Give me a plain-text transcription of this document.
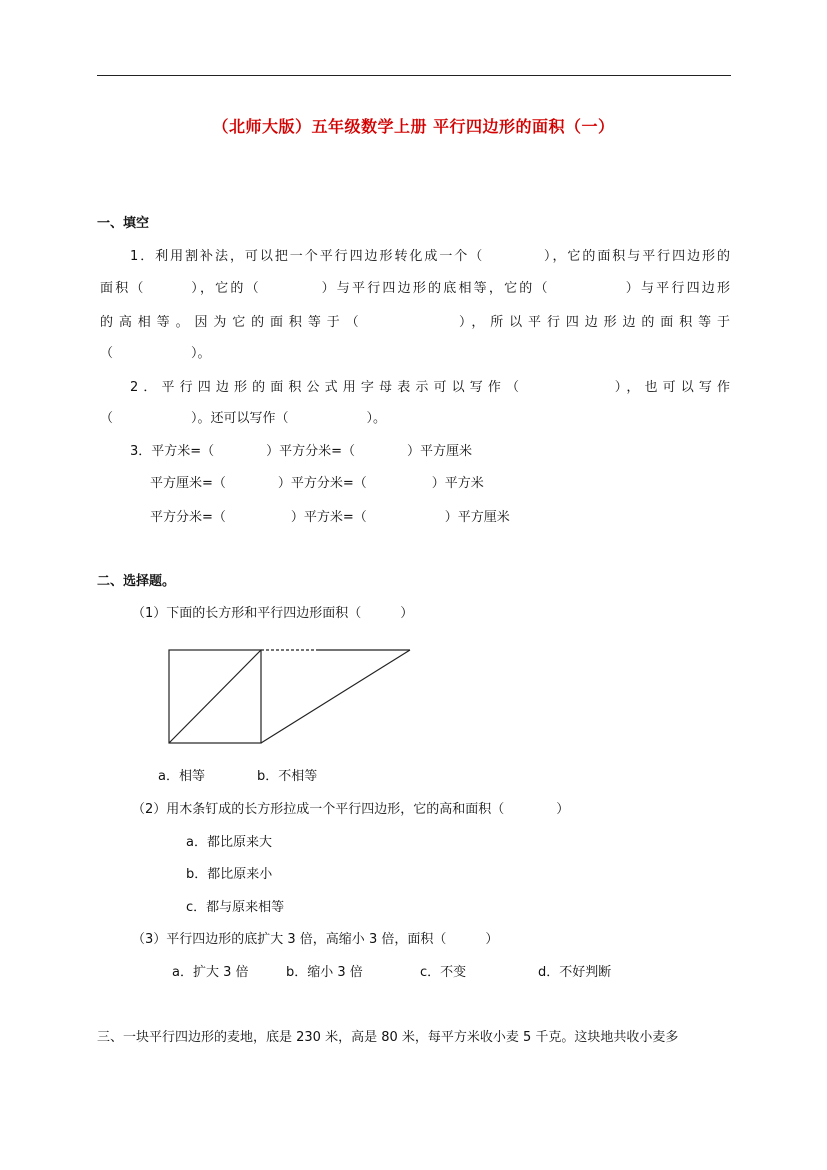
（北师大版）五年级数学上册 平行四边形的面积（一）
一、填空
1．利用割补法，可以把一个平行四边形转化成一个（　　　　），它的面积与平行四边形的
面积（　　　），它的（　　　　）与平行四边形的底相等，它的（　　　　　）与平行四边形
的高相等。因为它的面积等于（　　　　　），所以平行四边形边的面积等于
（　　　　　　）。
2．平行四边形的面积公式用字母表示可以写作（　　　　　），也可以写作
（　　　　　　）。还可以写作（　　　　　　）。
3．平方米=（　　　　）平方分米=（　　　　）平方厘米
平方厘米=（　　　　）平方分米=（　　　　　）平方米
平方分米=（　　　　　）平方米=（　　　　　　）平方厘米
二、选择题。
（1）下面的长方形和平行四边形面积（　　　）
a．相等　　　　b．不相等
（2）用木条钉成的长方形拉成一个平行四边形，它的高和面积（　　　　）
a．都比原来大
b．都比原来小
c．都与原来相等
（3）平行四边形的底扩大 3 倍，高缩小 3 倍，面积（　　　）
a．扩大 3 倍	b．缩小 3 倍	c．不变	d．不好判断
三、一块平行四边形的麦地，底是 230 米，高是 80 米，每平方米收小麦 5 千克。这块地共收小麦多
